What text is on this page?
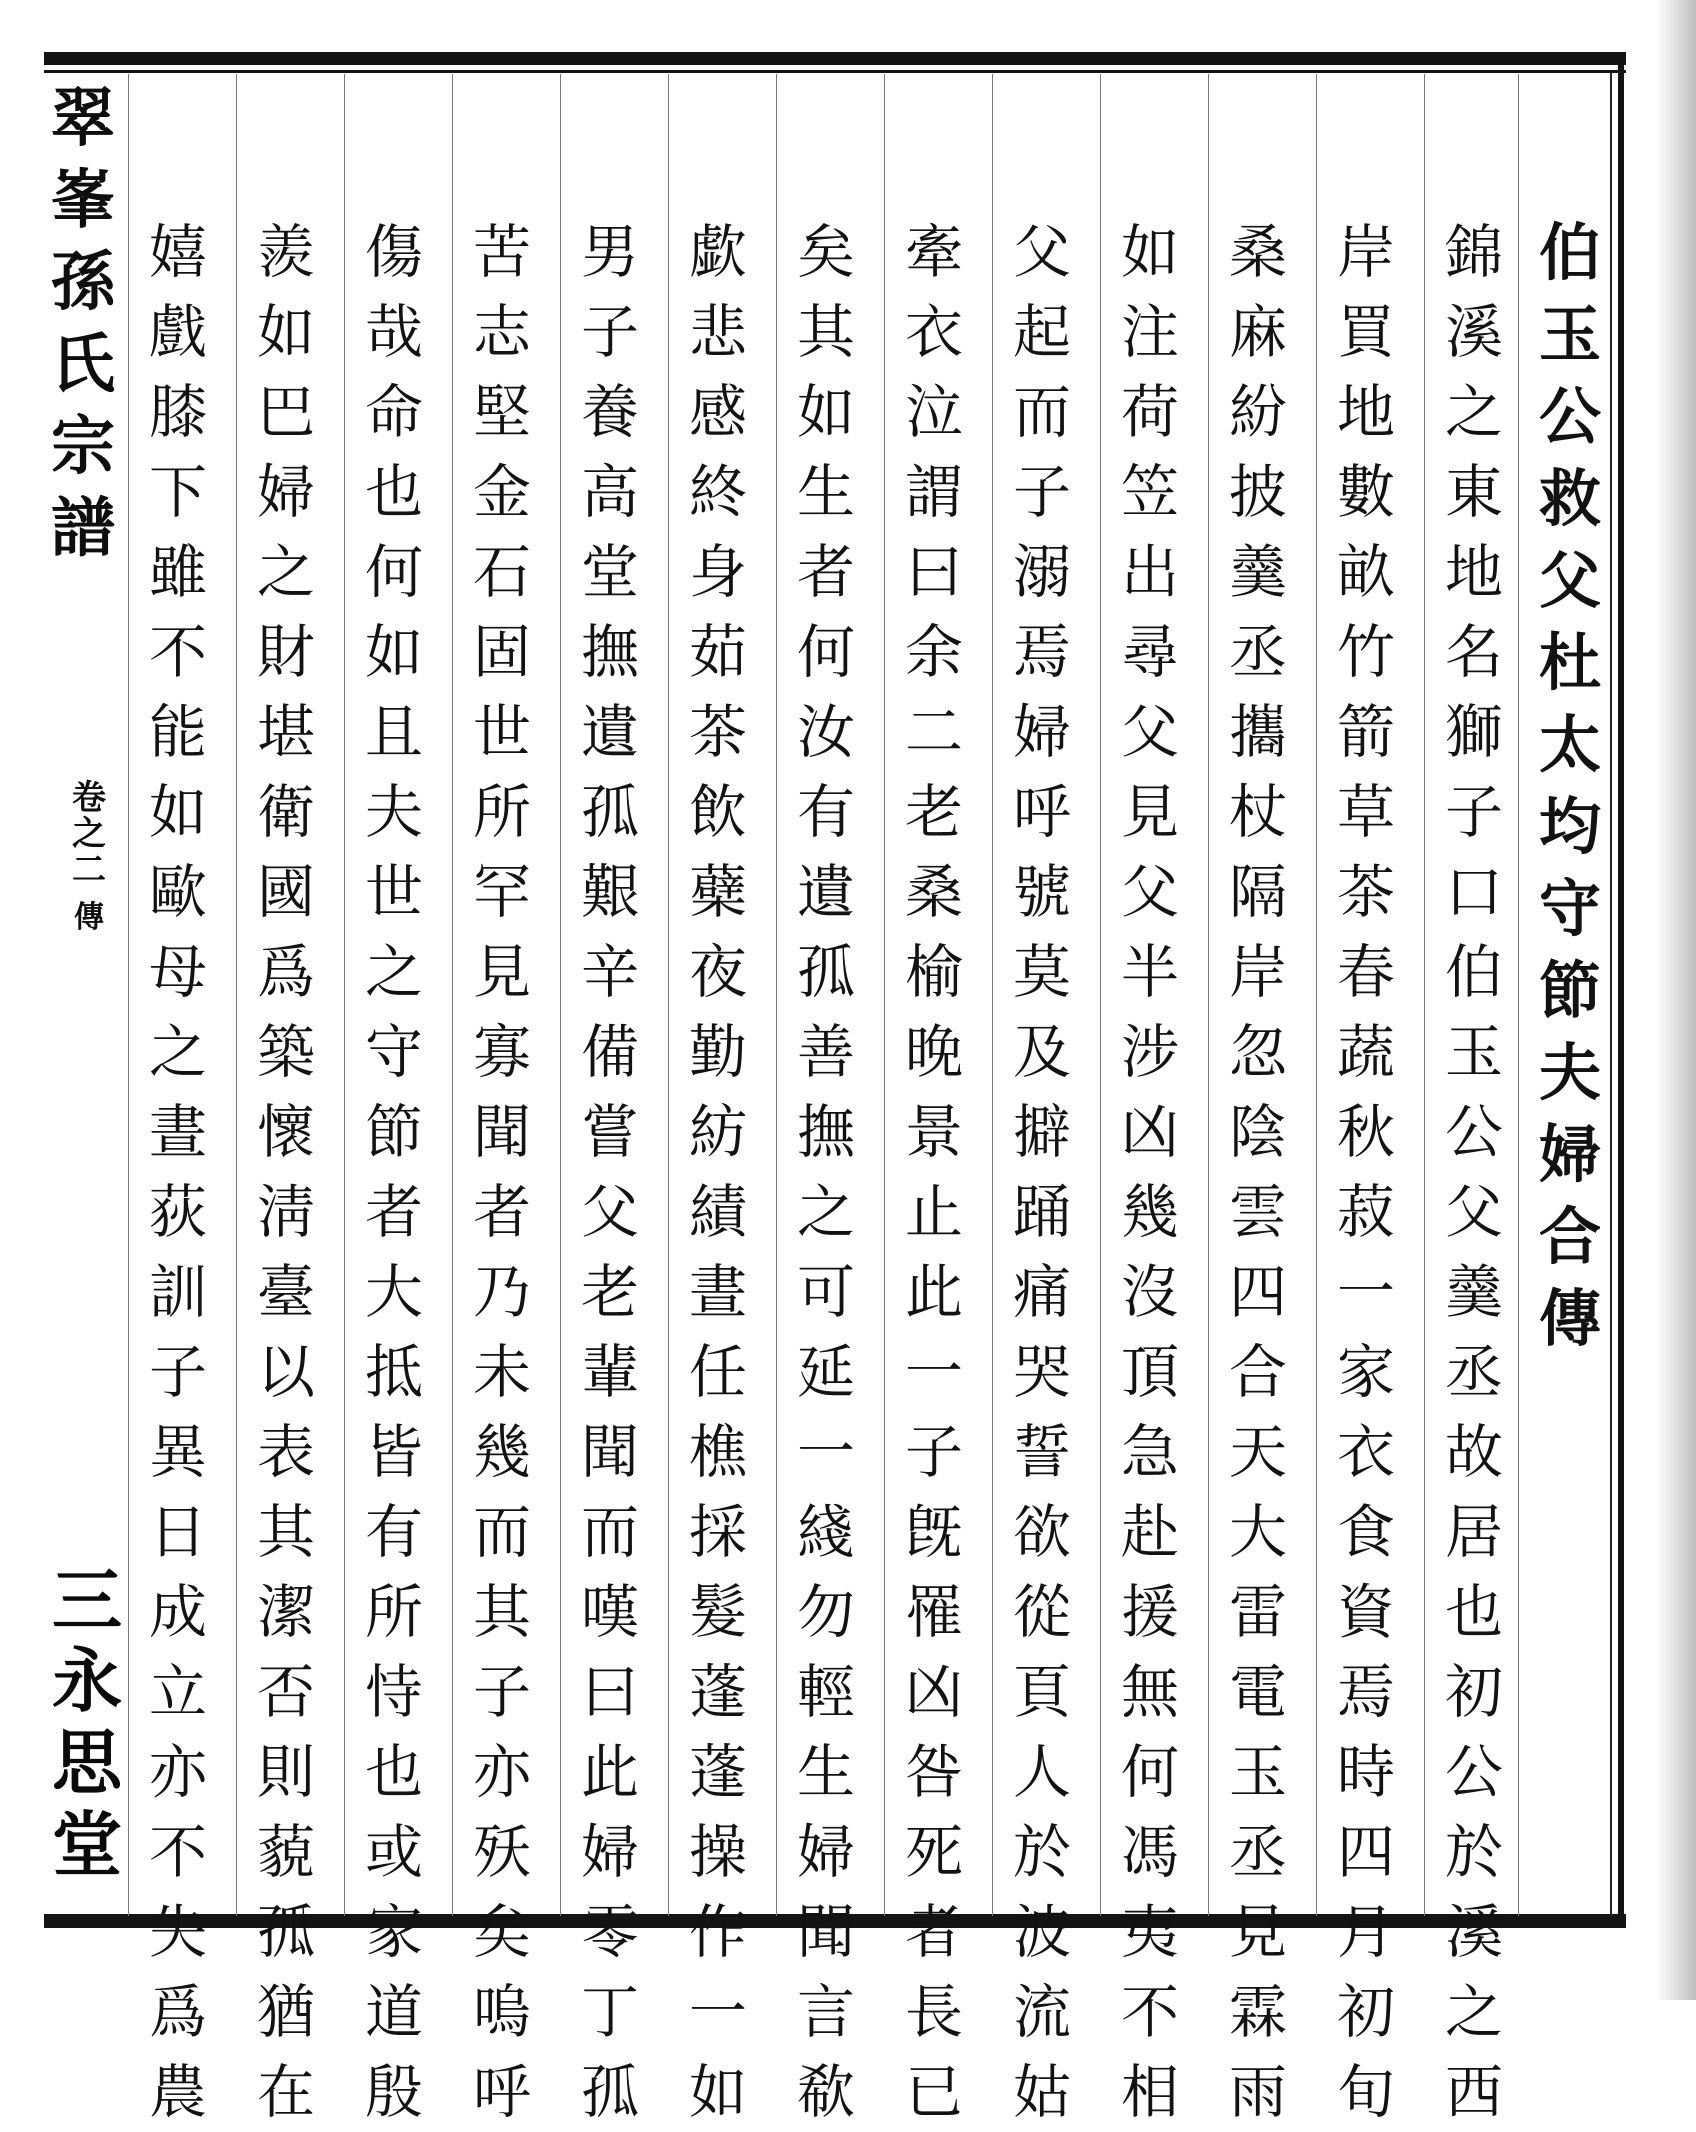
翠
峯
孫
氏
宗
譜
卷
之
二
傳
三
永
思
堂
伯
玉
公
救
父
杜
太
均
守
節
夫
婦
合
傳
錦
溪
之
東
地
名
獅
子
口
伯
玉
公
父
羹
丞
故
居
也
初
公
於
溪
之
西
岸
買
地
數
畝
竹
箭
草
茶
春
蔬
秋
菽
一
家
衣
食
資
焉
時
四
月
初
旬
桑
麻
紛
披
羹
丞
攜
杖
隔
岸
忽
陰
雲
四
合
天
大
雷
電
玉
丞
見
霖
雨
如
注
荷
笠
出
尋
父
見
父
半
涉
凶
幾
沒
頂
急
赴
援
無
何
馮
夷
不
相
父
起
而
子
溺
焉
婦
呼
號
莫
及
擗
踊
痛
哭
誓
欲
從
頁
人
於
波
流
姑
牽
衣
泣
謂
曰
余
二
老
桑
榆
晚
景
止
此
一
子
旣
罹
凶
咎
死
者
長
已
矣
其
如
生
者
何
汝
有
遺
孤
善
撫
之
可
延
一
綫
勿
輕
生
婦
聞
言
欷
歔
悲
感
終
身
茹
茶
飲
蘗
夜
勤
紡
績
晝
任
樵
採
髮
蓬
蓬
操
作
一
如
男
子
養
高
堂
撫
遺
孤
艱
辛
備
嘗
父
老
輩
聞
而
嘆
曰
此
婦
零
丁
孤
苦
志
堅
金
石
固
世
所
罕
見
寡
聞
者
乃
未
幾
而
其
子
亦
殀
矣
嗚
呼
傷
哉
命
也
何
如
且
夫
世
之
守
節
者
大
抵
皆
有
所
恃
也
或
家
道
殷
羨
如
巴
婦
之
財
堪
衛
國
爲
築
懷
淸
臺
以
表
其
潔
否
則
藐
孤
猶
在
嬉
戲
膝
下
雖
不
能
如
歐
母
之
晝
荻
訓
子
異
日
成
立
亦
不
失
爲
農
